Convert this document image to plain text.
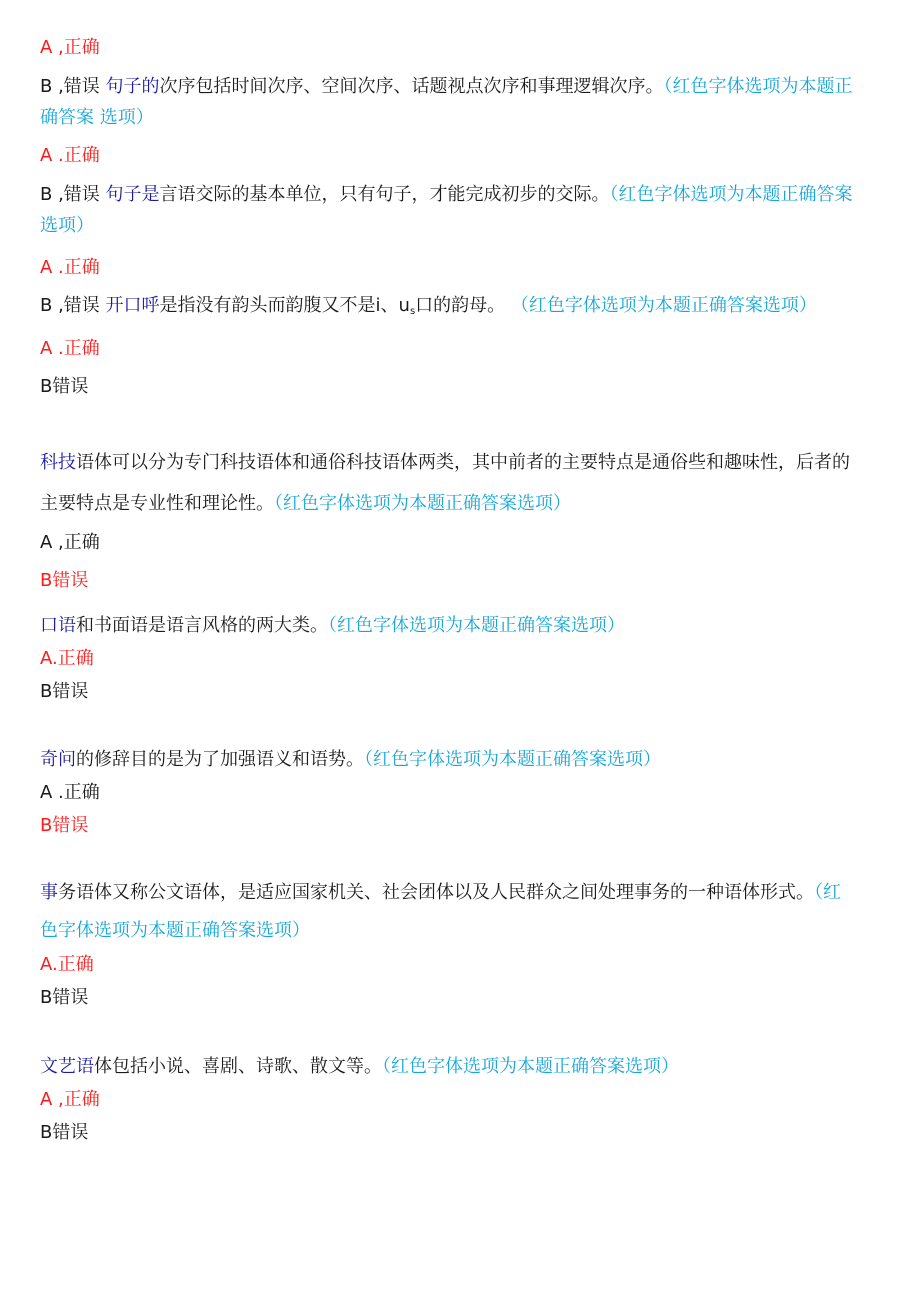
A ,正确
B ,错误 句子的次序包括时间次序、空间次序、话题视点次序和事理逻辑次序。（红色字体选项为本题正
确答案 选项）
A .正确
B ,错误 句子是言语交际的基本单位，只有句子，才能完成初步的交际。（红色字体选项为本题正确答案
选项）
A .正确
B ,错误 开口呼是指没有韵头而韵腹又不是i、$u_s$口的韵母。 （红色字体选项为本题正确答案选项）
A .正确
B错误
科技语体可以分为专门科技语体和通俗科技语体两类，其中前者的主要特点是通俗些和趣味性，后者的
主要特点是专业性和理论性。（红色字体选项为本题正确答案选项）
A ,正确
B错误
口语和书面语是语言风格的两大类。（红色字体选项为本题正确答案选项）
A.正确
B错误
奇问的修辞目的是为了加强语义和语势。（红色字体选项为本题正确答案选项）
A .正确
B错误
事务语体又称公文语体，是适应国家机关、社会团体以及人民群众之间处理事务的一种语体形式。（红
色字体选项为本题正确答案选项）
A.正确
B错误
文艺语体包括小说、喜剧、诗歌、散文等。（红色字体选项为本题正确答案选项）
A ,正确
B错误
